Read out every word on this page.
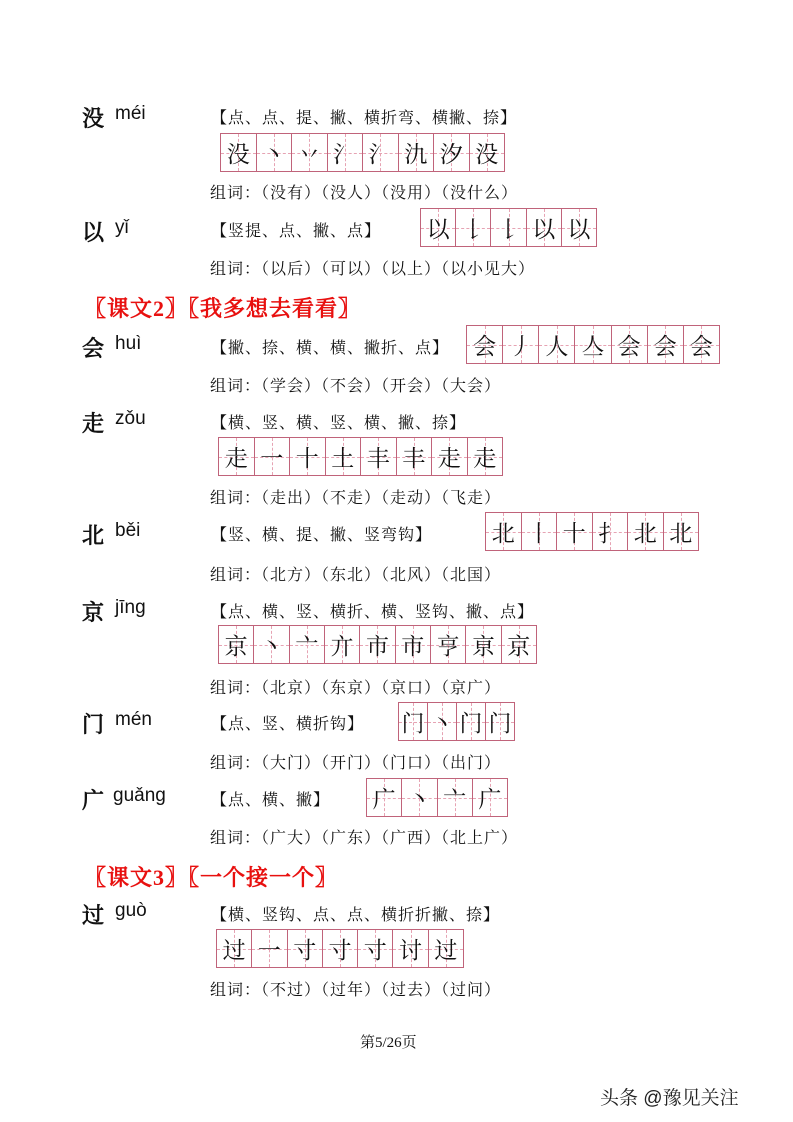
〖课文2〗〖我多想去看看〗
〖课文3〗〖一个接一个〗
第5/26页
头条 @豫见关注
没 méi	【点、点、提、撇、横折弯、横撇、捺】
组词：（没有）（没人）（没用）（没什么）
没 丶 丷 氵 氵 氿 汐 没
以 yǐ	【竖提、点、撇、点】
组词：（以后）（可以）（以上）（以小见大）
以 𠄌 𠄌 以 以
会 huì	【撇、捺、横、横、撇折、点】
组词：（学会）（不会）（开会）（大会）
会 丿 人 亼 会 会 会
走 zǒu	【横、竖、横、竖、横、撇、捺】
组词：（走出）（不走）（走动）（飞走）
走 一 十 土 丰 丰 走 走
北 běi	【竖、横、提、撇、竖弯钩】
组词：（北方）（东北）（北风）（北国）
北 丨 十 扌 北 北
京 jīng	【点、横、竖、横折、横、竖钩、撇、点】
组词：（北京）（东京）（京口）（京广）
京 丶 亠 亣 市 市 亨 亰 京
门 mén	【点、竖、横折钩】
组词：（大门）（开门）（门口）（出门）
门 丶 门 门
广 guǎng	【点、横、撇】
组词：（广大）（广东）（广西）（北上广）
广 丶 亠 广
过 guò	【横、竖钩、点、点、横折折撇、捺】
组词：（不过）（过年）（过去）（过问）
过 一 寸 寸 寸 讨 过
